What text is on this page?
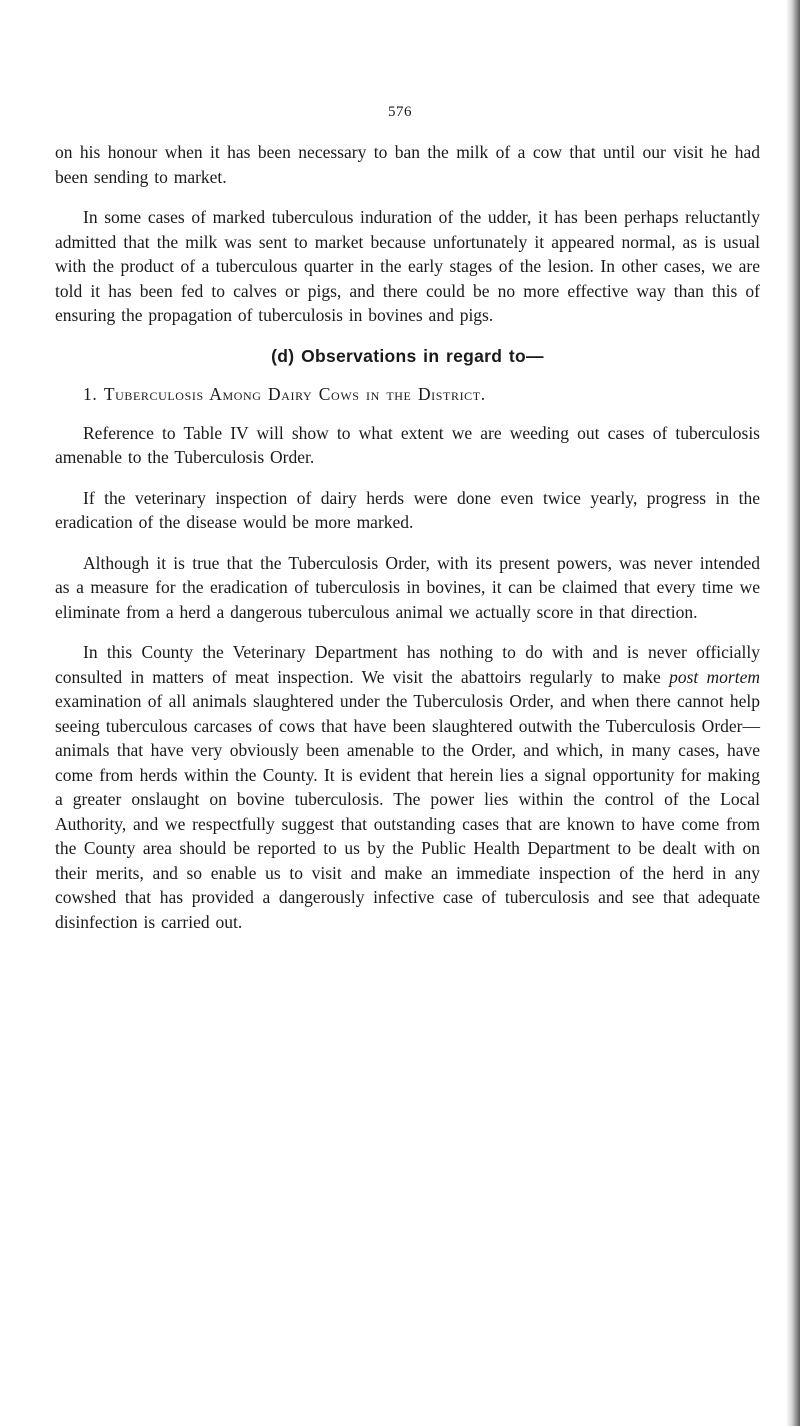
576

on his honour when it has been necessary to ban the milk of a cow that until our visit he had been sending to market.

In some cases of marked tuberculous induration of the udder, it has been perhaps reluctantly admitted that the milk was sent to market because unfortunately it appeared normal, as is usual with the product of a tuberculous quarter in the early stages of the lesion. In other cases, we are told it has been fed to calves or pigs, and there could be no more effective way than this of ensuring the propagation of tuberculosis in bovines and pigs.

(d) Observations in regard to—
1. Tuberculosis Among Dairy Cows in the District.

Reference to Table IV will show to what extent we are weeding out cases of tuberculosis amenable to the Tuberculosis Order.

If the veterinary inspection of dairy herds were done even twice yearly, progress in the eradication of the disease would be more marked.

Although it is true that the Tuberculosis Order, with its present powers, was never intended as a measure for the eradication of tuberculosis in bovines, it can be claimed that every time we eliminate from a herd a dangerous tuberculous animal we actually score in that direction.

In this County the Veterinary Department has nothing to do with and is never officially consulted in matters of meat inspection. We visit the abattoirs regularly to make post mortem examination of all animals slaughtered under the Tuberculosis Order, and when there cannot help seeing tuberculous carcases of cows that have been slaughtered outwith the Tuberculosis Order—animals that have very obviously been amenable to the Order, and which, in many cases, have come from herds within the County. It is evident that herein lies a signal opportunity for making a greater onslaught on bovine tuberculosis. The power lies within the control of the Local Authority, and we respectfully suggest that outstanding cases that are known to have come from the County area should be reported to us by the Public Health Department to be dealt with on their merits, and so enable us to visit and make an immediate inspection of the herd in any cowshed that has provided a dangerously infective case of tuberculosis and see that adequate disinfection is carried out.
